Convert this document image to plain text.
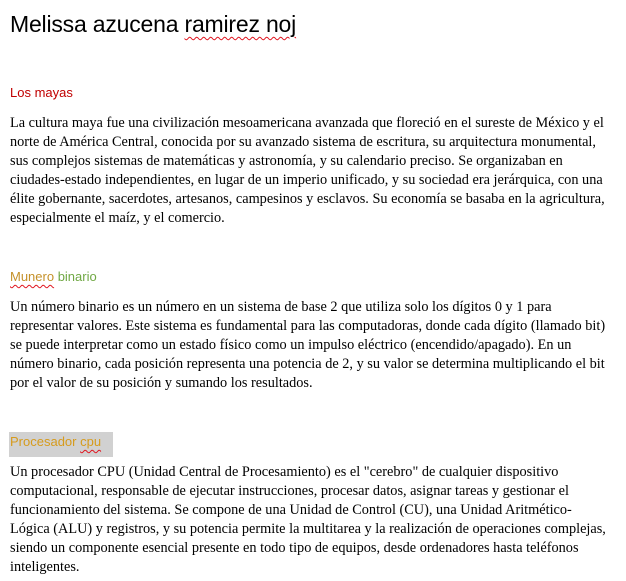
Melissa azucena ramirez noj
Los mayas

La cultura maya fue una civilización mesoamericana avanzada que floreció en el sureste de México y el norte de América Central, conocida por su avanzado sistema de escritura, su arquitectura monumental, sus complejos sistemas de matemáticas y astronomía, y su calendario preciso. Se organizaban en ciudades-estado independientes, en lugar de un imperio unificado, y su sociedad era jerárquica, con una élite gobernante, sacerdotes, artesanos, campesinos y esclavos. Su economía se basaba en la agricultura, especialmente el maíz, y el comercio.

Munero binario

Un número binario es un número en un sistema de base 2 que utiliza solo los dígitos 0 y 1 para representar valores. Este sistema es fundamental para las computadoras, donde cada dígito (llamado bit) se puede interpretar como un estado físico como un impulso eléctrico (encendido/apagado). En un número binario, cada posición representa una potencia de 2, y su valor se determina multiplicando el bit por el valor de su posición y sumando los resultados.

Procesador cpu

Un procesador CPU (Unidad Central de Procesamiento) es el "cerebro" de cualquier dispositivo computacional, responsable de ejecutar instrucciones, procesar datos, asignar tareas y gestionar el funcionamiento del sistema. Se compone de una Unidad de Control (CU), una Unidad Aritmético-Lógica (ALU) y registros, y su potencia permite la multitarea y la realización de operaciones complejas, siendo un componente esencial presente en todo tipo de equipos, desde ordenadores hasta teléfonos inteligentes.
